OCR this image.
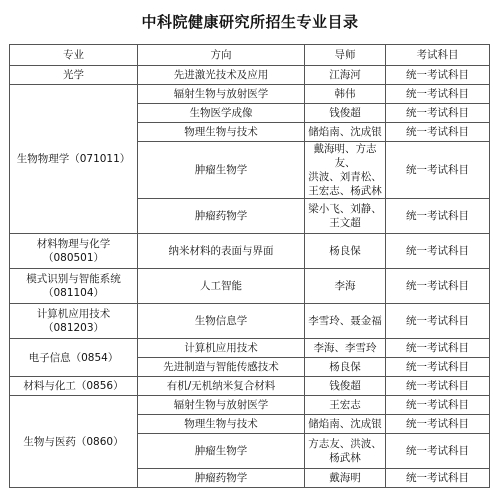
中科院健康研究所招生专业目录
专业	方向	导师	考试科目
光学	先进激光技术及应用	江海河	统一考试科目
生物物理学（071011）	辐射生物与放射医学	韩伟	统一考试科目
	生物医学成像	钱俊超	统一考试科目
	物理生物与技术	储焰南、沈成银	统一考试科目
	肿瘤生物学	戴海明、方志友、
洪波、刘青松、
王宏志、杨武林	统一考试科目
	肿瘤药物学	梁小飞、刘静、
王文超	统一考试科目

材料物理与化学
（080501）	纳米材料的表面与界面	杨良保	统一考试科目

模式识别与智能系统
（081104）	人工智能	李海	统一考试科目

计算机应用技术
（081203）	生物信息学	李雪玲、聂金福	统一考试科目
电子信息（0854）	计算机应用技术	李海、李雪玲	统一考试科目
	先进制造与智能传感技术	杨良保	统一考试科目
材料与化工（0856）	有机/无机纳米复合材料	钱俊超	统一考试科目
生物与医药（0860）	辐射生物与放射医学	王宏志	统一考试科目
	物理生物与技术	储焰南、沈成银	统一考试科目
	肿瘤生物学	方志友、洪波、
杨武林	统一考试科目
	肿瘤药物学	戴海明	统一考试科目
